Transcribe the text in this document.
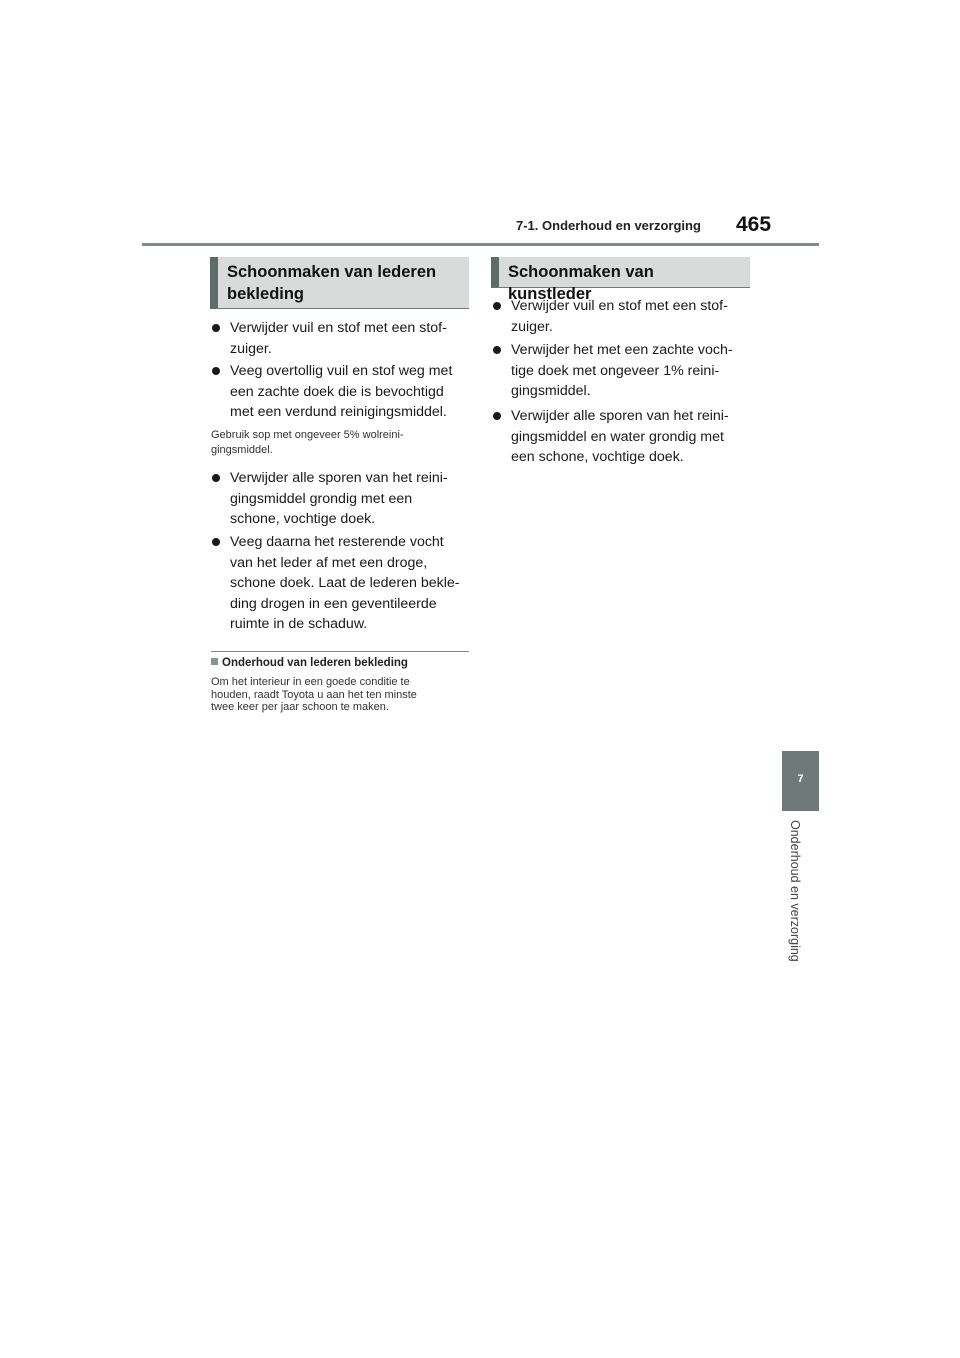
7-1. Onderhoud en verzorging 465
Schoonmaken van lederen
bekleding
Verwijder vuil en stof met een stof-
zuiger.
Veeg overtollig vuil en stof weg met
een zachte doek die is bevochtigd
met een verdund reinigingsmiddel.
Gebruik sop met ongeveer 5% wolreini-
gingsmiddel.
Verwijder alle sporen van het reini-
gingsmiddel grondig met een
schone, vochtige doek.
Veeg daarna het resterende vocht
van het leder af met een droge,
schone doek. Laat de lederen bekle-
ding drogen in een geventileerde
ruimte in de schaduw.
Onderhoud van lederen bekleding
Om het interieur in een goede conditie te
houden, raadt Toyota u aan het ten minste
twee keer per jaar schoon te maken.
Schoonmaken van kunstleder
Verwijder vuil en stof met een stof-
zuiger.
Verwijder het met een zachte voch-
tige doek met ongeveer 1% reini-
gingsmiddel.
Verwijder alle sporen van het reini-
gingsmiddel en water grondig met
een schone, vochtige doek.
7
Onderhoud en verzorging
